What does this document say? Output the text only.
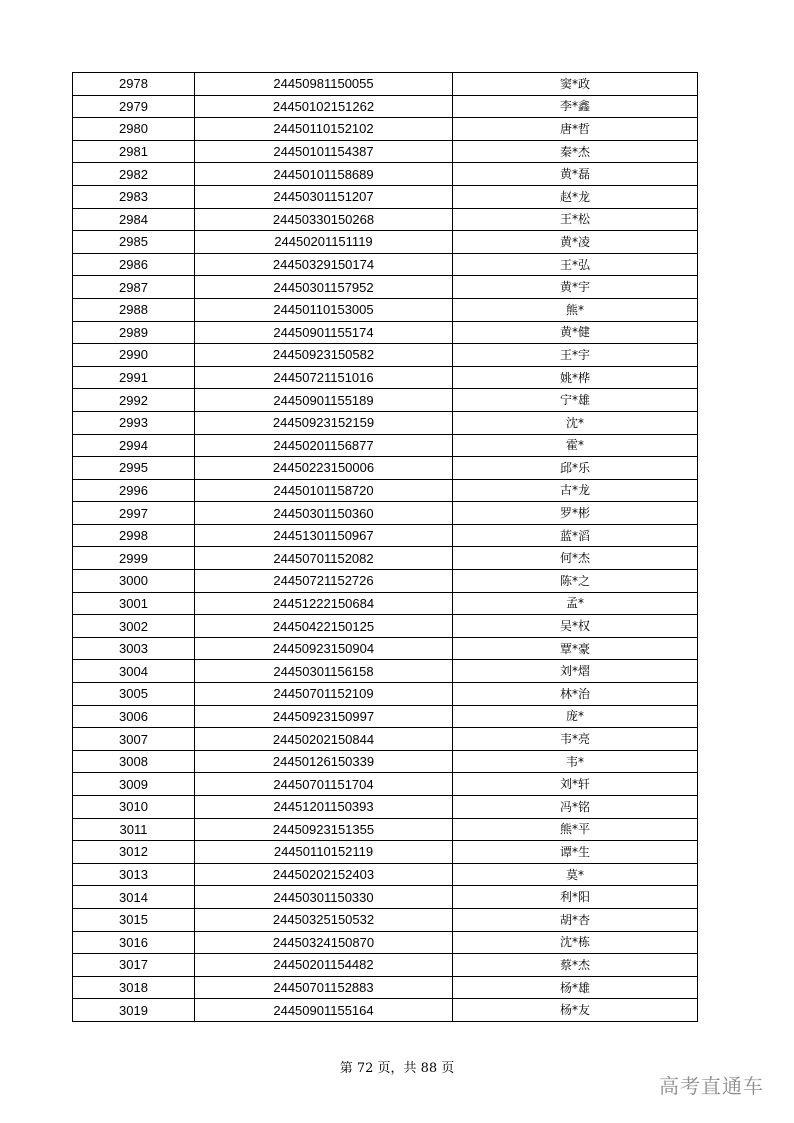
2978	24450981150055	窦*政
2979	24450102151262	李*鑫
2980	24450110152102	唐*哲
2981	24450101154387	秦*杰
2982	24450101158689	黄*磊
2983	24450301151207	赵*龙
2984	24450330150268	王*松
2985	24450201151119	黄*凌
2986	24450329150174	王*弘
2987	24450301157952	黄*宇
2988	24450110153005	熊*
2989	24450901155174	黄*健
2990	24450923150582	王*宇
2991	24450721151016	姚*桦
2992	24450901155189	宁*雄
2993	24450923152159	沈*
2994	24450201156877	霍*
2995	24450223150006	邱*乐
2996	24450101158720	古*龙
2997	24450301150360	罗*彬
2998	24451301150967	蓝*滔
2999	24450701152082	何*杰
3000	24450721152726	陈*之
3001	24451222150684	孟*
3002	24450422150125	吴*权
3003	24450923150904	覃*豪
3004	24450301156158	刘*熠
3005	24450701152109	林*治
3006	24450923150997	庞*
3007	24450202150844	韦*亮
3008	24450126150339	韦*
3009	24450701151704	刘*轩
3010	24451201150393	冯*铭
3011	24450923151355	熊*平
3012	24450110152119	谭*生
3013	24450202152403	莫*
3014	24450301150330	利*阳
3015	24450325150532	胡*杏
3016	24450324150870	沈*栋
3017	24450201154482	蔡*杰
3018	24450701152883	杨*雄
3019	24450901155164	杨*友
第 72 页，共 88 页
高考直通车
